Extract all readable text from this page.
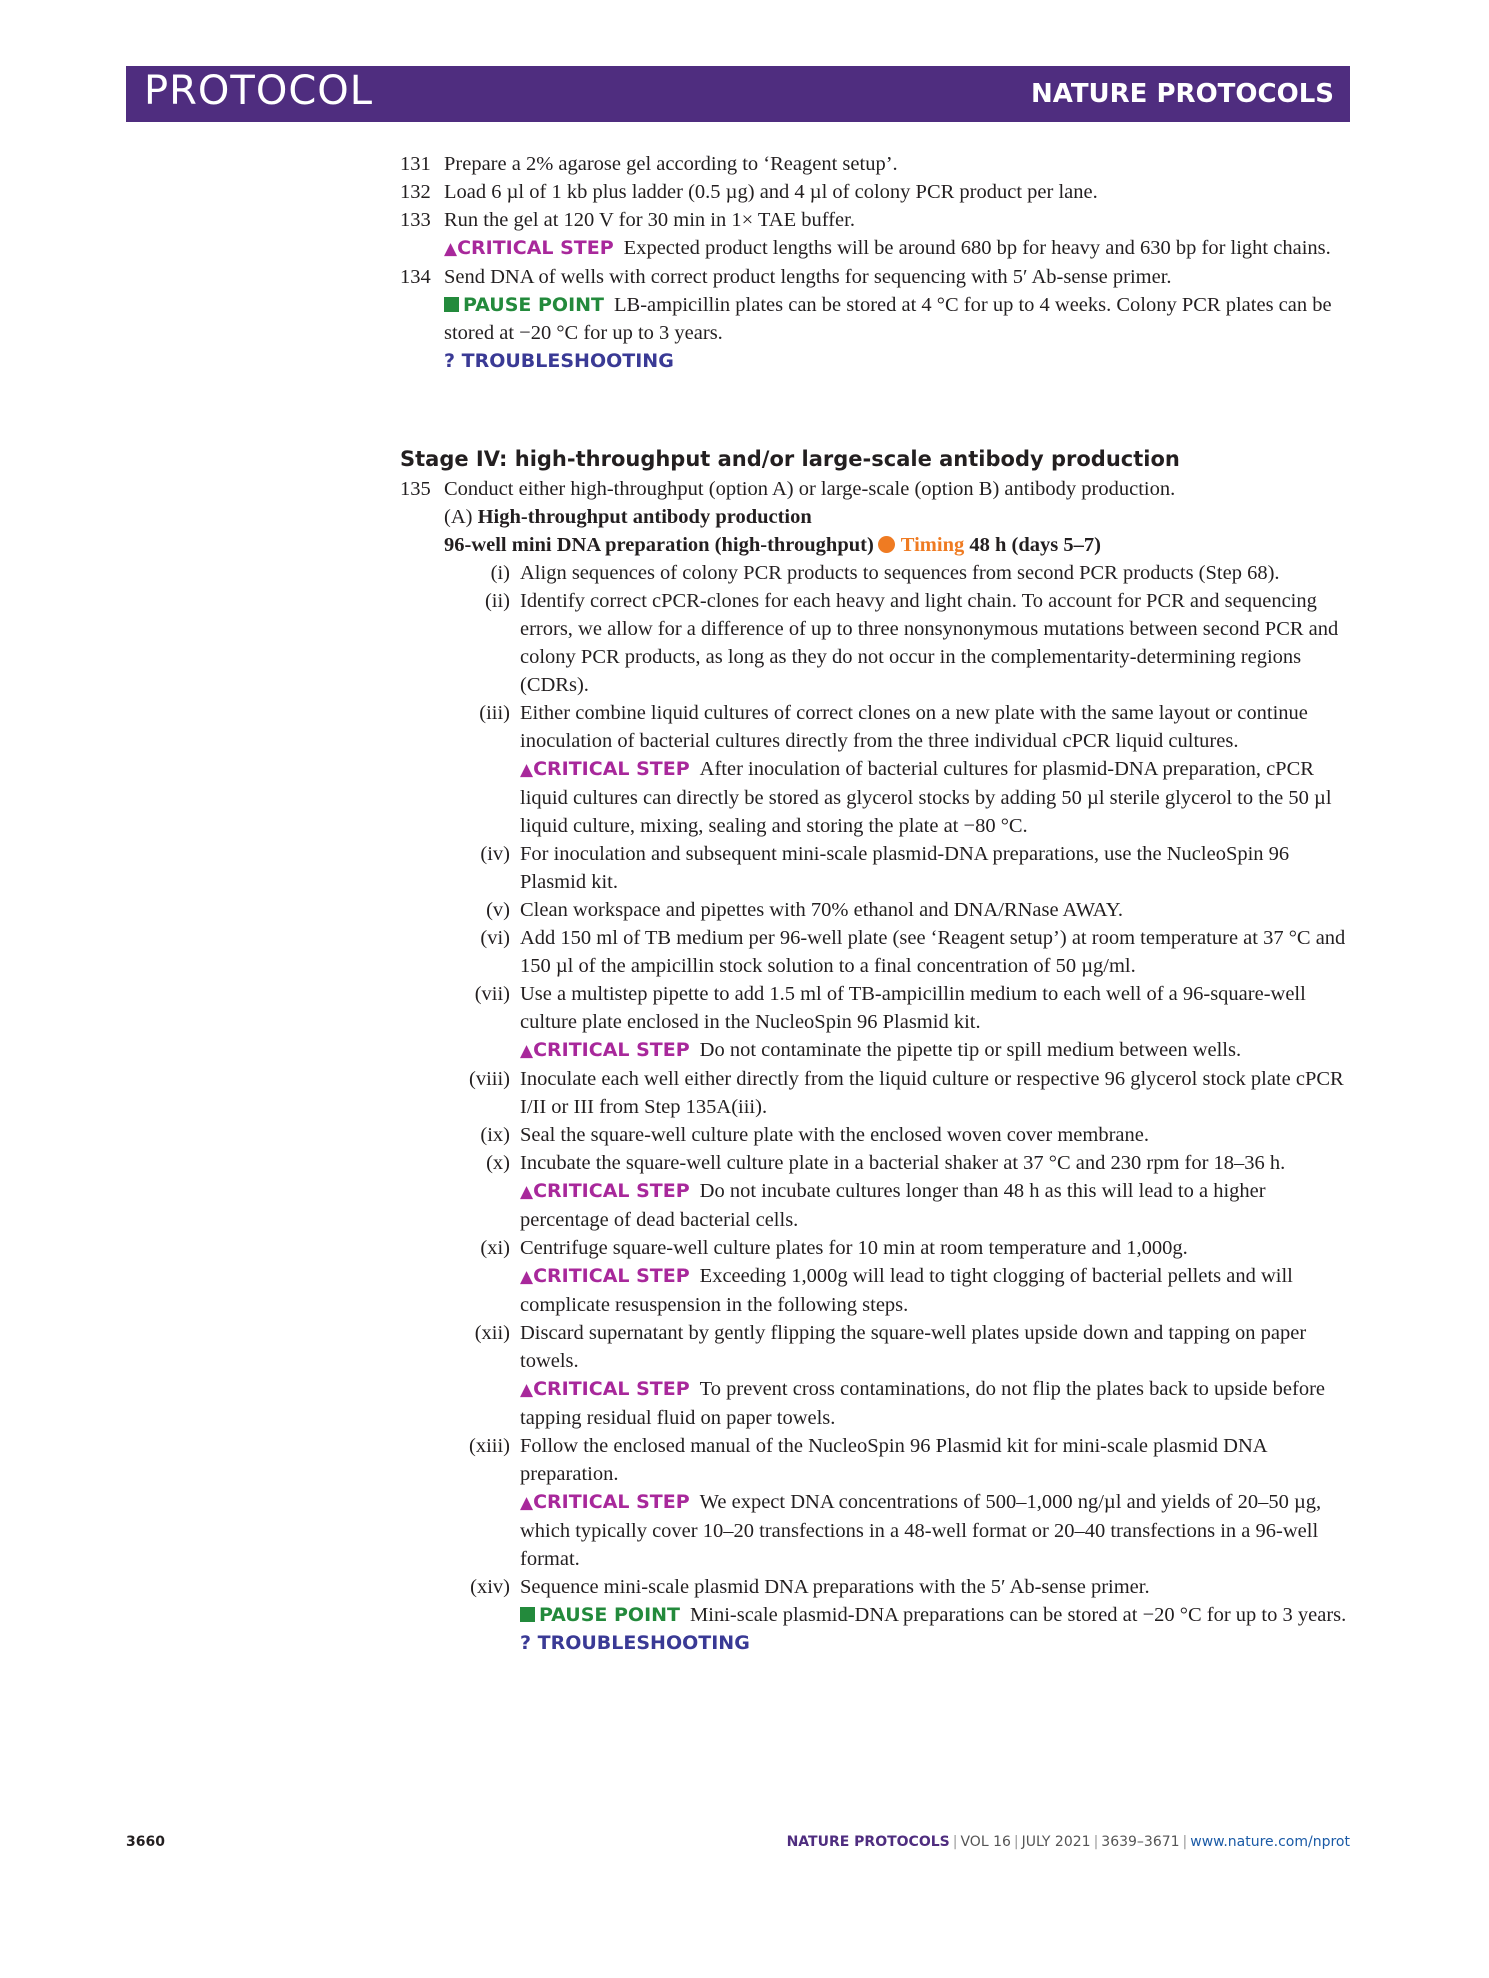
PROTOCOL	NATURE PROTOCOLS
131 Prepare a 2% agarose gel according to ‘Reagent setup’.
132 Load 6 µl of 1 kb plus ladder (0.5 µg) and 4 µl of colony PCR product per lane.
133 Run the gel at 120 V for 30 min in 1× TAE buffer.
▲CRITICAL STEP Expected product lengths will be around 680 bp for heavy and 630 bp for light chains.
134 Send DNA of wells with correct product lengths for sequencing with 5′ Ab-sense primer.
PAUSE POINT LB-ampicillin plates can be stored at 4 °C for up to 4 weeks. Colony PCR plates can be stored at −20 °C for up to 3 years.
? TROUBLESHOOTING
Stage IV: high-throughput and/or large-scale antibody production
135 Conduct either high-throughput (option A) or large-scale (option B) antibody production.
(A) High-throughput antibody production
96-well mini DNA preparation (high-throughput) Timing 48 h (days 5–7)
(i) Align sequences of colony PCR products to sequences from second PCR products (Step 68).
(ii) Identify correct cPCR-clones for each heavy and light chain. To account for PCR and sequencing errors, we allow for a difference of up to three nonsynonymous mutations between second PCR and colony PCR products, as long as they do not occur in the complementarity-determining regions (CDRs).
(iii) Either combine liquid cultures of correct clones on a new plate with the same layout or continue inoculation of bacterial cultures directly from the three individual cPCR liquid cultures.
▲CRITICAL STEP After inoculation of bacterial cultures for plasmid-DNA preparation, cPCR liquid cultures can directly be stored as glycerol stocks by adding 50 µl sterile glycerol to the 50 µl liquid culture, mixing, sealing and storing the plate at −80 °C.
(iv) For inoculation and subsequent mini-scale plasmid-DNA preparations, use the NucleoSpin 96 Plasmid kit.
(v) Clean workspace and pipettes with 70% ethanol and DNA/RNase AWAY.
(vi) Add 150 ml of TB medium per 96-well plate (see ‘Reagent setup’) at room temperature at 37 °C and 150 µl of the ampicillin stock solution to a final concentration of 50 µg/ml.
(vii) Use a multistep pipette to add 1.5 ml of TB-ampicillin medium to each well of a 96-square-well culture plate enclosed in the NucleoSpin 96 Plasmid kit.
▲CRITICAL STEP Do not contaminate the pipette tip or spill medium between wells.
(viii) Inoculate each well either directly from the liquid culture or respective 96 glycerol stock plate cPCR I/II or III from Step 135A(iii).
(ix) Seal the square-well culture plate with the enclosed woven cover membrane.
(x) Incubate the square-well culture plate in a bacterial shaker at 37 °C and 230 rpm for 18–36 h.
▲CRITICAL STEP Do not incubate cultures longer than 48 h as this will lead to a higher percentage of dead bacterial cells.
(xi) Centrifuge square-well culture plates for 10 min at room temperature and 1,000g.
▲CRITICAL STEP Exceeding 1,000g will lead to tight clogging of bacterial pellets and will complicate resuspension in the following steps.
(xii) Discard supernatant by gently flipping the square-well plates upside down and tapping on paper towels.
▲CRITICAL STEP To prevent cross contaminations, do not flip the plates back to upside before tapping residual fluid on paper towels.
(xiii) Follow the enclosed manual of the NucleoSpin 96 Plasmid kit for mini-scale plasmid DNA preparation.
▲CRITICAL STEP We expect DNA concentrations of 500–1,000 ng/µl and yields of 20–50 µg, which typically cover 10–20 transfections in a 48-well format or 20–40 transfections in a 96-well format.
(xiv) Sequence mini-scale plasmid DNA preparations with the 5′ Ab-sense primer.
PAUSE POINT Mini-scale plasmid-DNA preparations can be stored at −20 °C for up to 3 years.
? TROUBLESHOOTING
3660	NATURE PROTOCOLS | VOL 16 | JULY 2021 | 3639–3671 | www.nature.com/nprot
